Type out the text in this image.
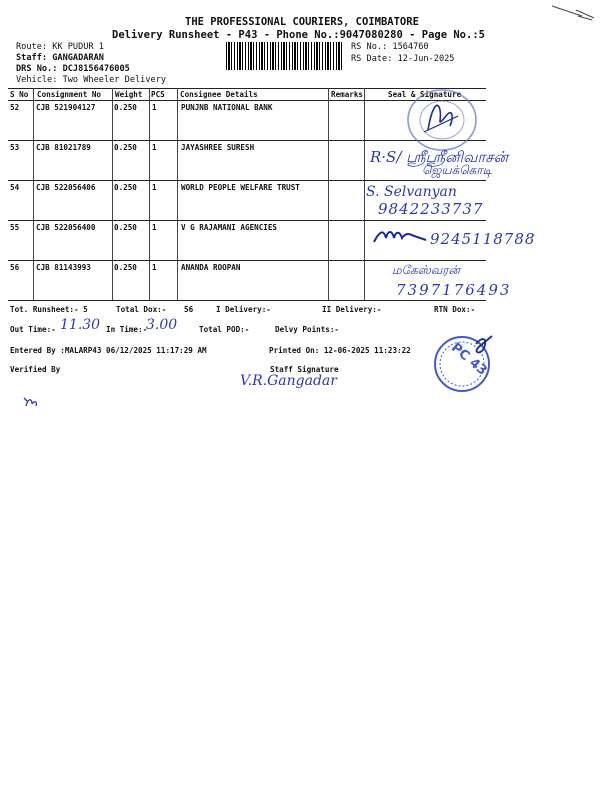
THE PROFESSIONAL COURIERS, COIMBATORE
Delivery Runsheet - P43 - Phone No.:9047080280 - Page No.:5
Route: KK PUDUR 1
Staff: GANGADARAN
DRS No.: DCJ8156476005
Vehicle: Two Wheeler Delivery
RS No.: 1564760
RS Date: 12-Jun-2025
S No Consignment No Weight PCS Consignee Details	Remarks	Seal & Signature
52 CJB 521904127 0.250 1	PUNJNB NATIONAL BANK
53 CJB 81021789	0.250 1	JAYASHREE SURESH
54 CJB 522056406 0.250 1	WORLD PEOPLE WELFARE TRUST
55 CJB 522056400 0.250 1	V G RAJAMANI AGENCIES
56 CJB 81143993	0.250 1	ANANDA ROOPAN
R·S/ ஸ்ரீஸ்ரீனிவாசன்
ஜெயக்கொடி
S. Selvanyan
9842233737
9245118788
மகேஸ்வரன்
7397176493
Tot. Runsheet:- 5	Total Dox:- 56	I Delivery:-	II Delivery:-	RTN Dox:-
Out Time:- 11.30 In Time:-
3.00	Total POD:-	Delvy Points:-
Entered By :MALARP43 06/12/2025 11:17:29 AM	Printed On: 12-06-2025 11:23:22
Verified By	Staff Signature
V.R.Gangadar
PC 43
